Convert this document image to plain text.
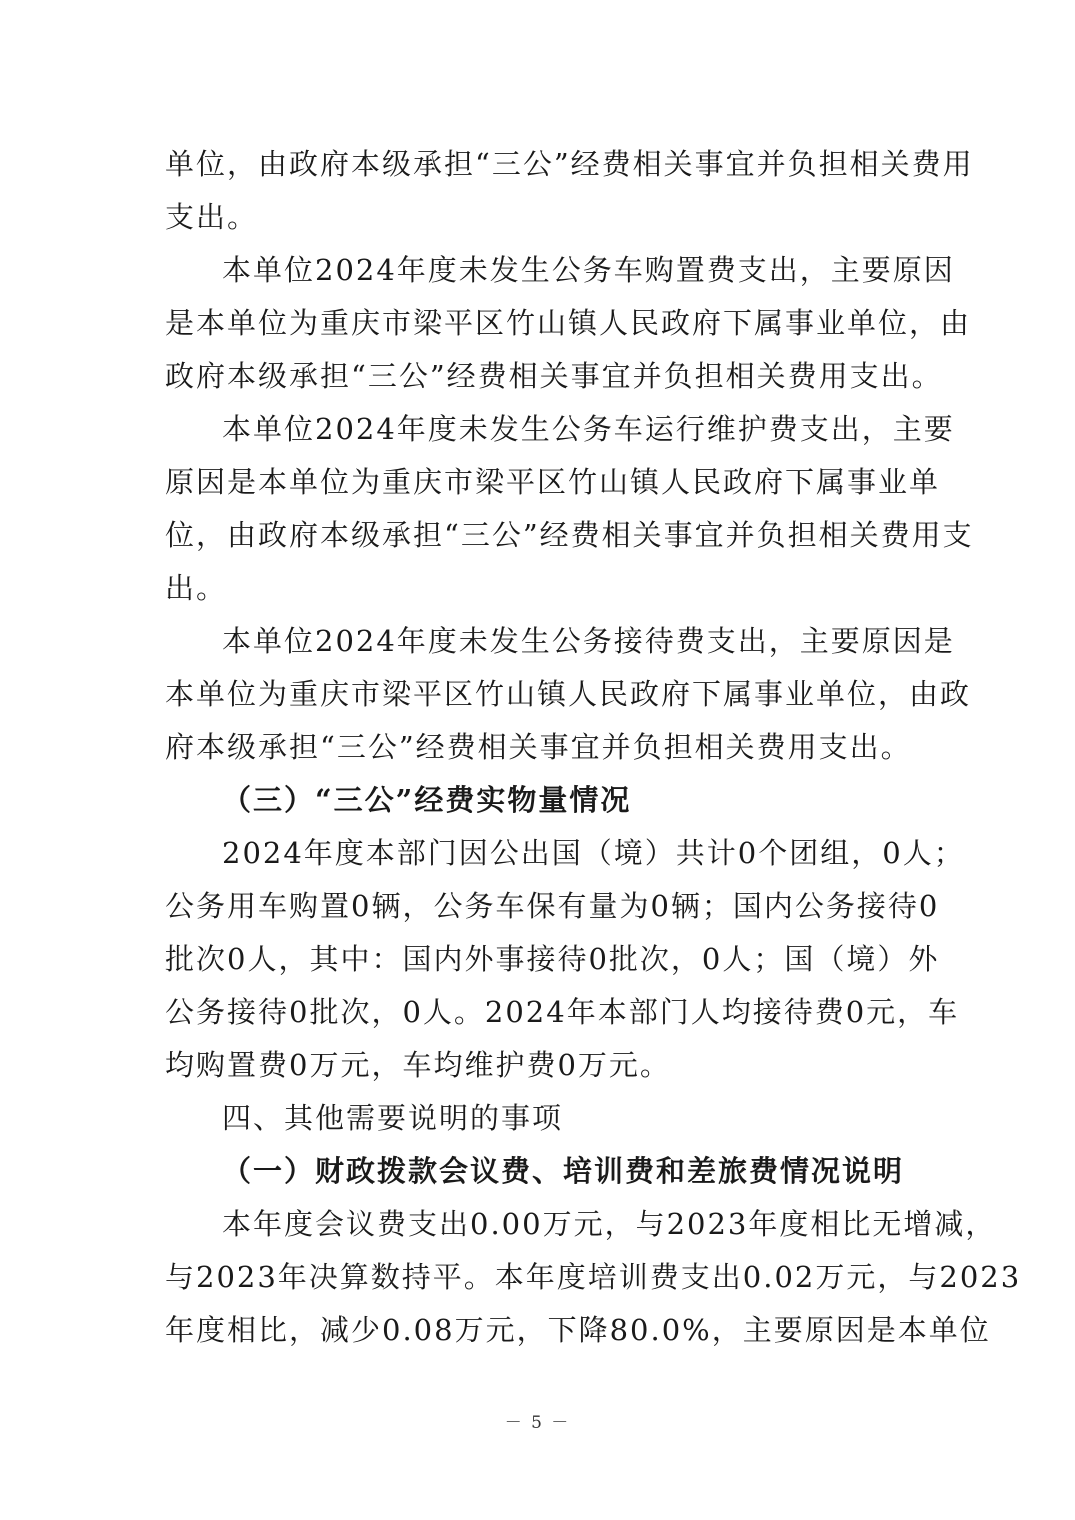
单位，由政府本级承担“三公”经费相关事宜并负担相关费用
支出。
本单位2024年度未发生公务车购置费支出，主要原因
是本单位为重庆市梁平区竹山镇人民政府下属事业单位，由
政府本级承担“三公”经费相关事宜并负担相关费用支出。
本单位2024年度未发生公务车运行维护费支出，主要
原因是本单位为重庆市梁平区竹山镇人民政府下属事业单
位，由政府本级承担“三公”经费相关事宜并负担相关费用支
出。
本单位2024年度未发生公务接待费支出，主要原因是
本单位为重庆市梁平区竹山镇人民政府下属事业单位，由政
府本级承担“三公”经费相关事宜并负担相关费用支出。
（三）“三公”经费实物量情况
2024年度本部门因公出国（境）共计0个团组，0人；
公务用车购置0辆，公务车保有量为0辆；国内公务接待0
批次0人，其中：国内外事接待0批次，0人；国（境）外
公务接待0批次，0人。2024年本部门人均接待费0元，车
均购置费0万元，车均维护费0万元。
四、其他需要说明的事项
（一）财政拨款会议费、培训费和差旅费情况说明
本年度会议费支出0.00万元，与2023年度相比无增减，
与2023年决算数持平。本年度培训费支出0.02万元，与2023
年度相比，减少0.08万元，下降80.0%，主要原因是本单位
－ 5 －
